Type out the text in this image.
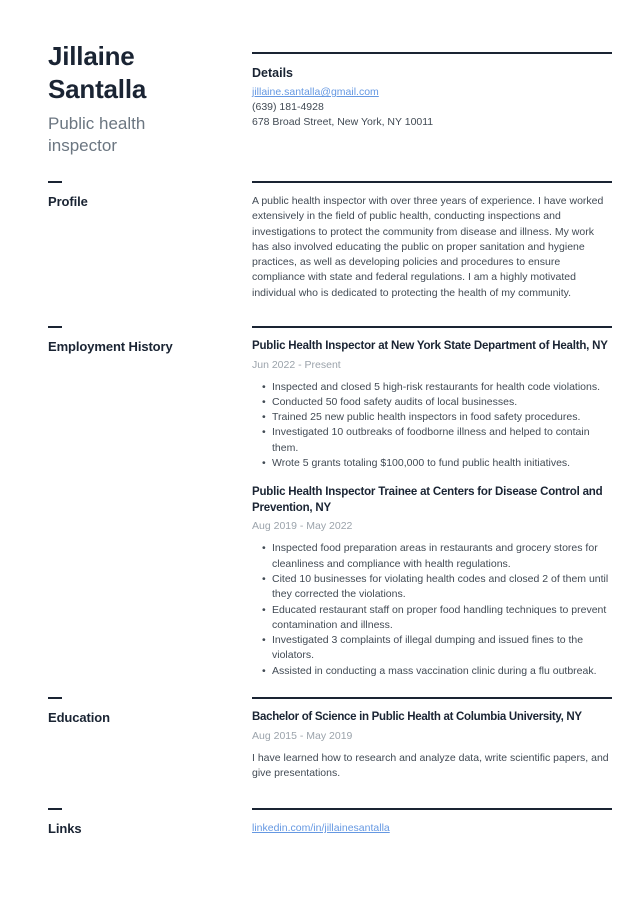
Jillaine Santalla
Public health inspector
Details
jillaine.santalla@gmail.com
(639) 181-4928
678 Broad Street, New York, NY 10011
Profile	A public health inspector with over three years of experience. I have worked extensively in the field of public health, conducting inspections and investigations to protect the community from disease and illness. My work has also involved educating the public on proper sanitation and hygiene practices, as well as developing policies and procedures to ensure compliance with state and federal regulations. I am a highly motivated individual who is dedicated to protecting the health of my community.
Employment History	Public Health Inspector at New York State Department of Health, NY
Jun 2022 - Present
•
Inspected and closed 5 high-risk restaurants for health code violations.
•
Conducted 50 food safety audits of local businesses.
•
Trained 25 new public health inspectors in food safety procedures.
•
Investigated 10 outbreaks of foodborne illness and helped to contain them.
•
Wrote 5 grants totaling $100,000 to fund public health initiatives.
Public Health Inspector Trainee at Centers for Disease Control and Prevention, NY
Aug 2019 - May 2022
•
Inspected food preparation areas in restaurants and grocery stores for cleanliness and compliance with health regulations.
•
Cited 10 businesses for violating health codes and closed 2 of them until they corrected the violations.
•
Educated restaurant staff on proper food handling techniques to prevent contamination and illness.
•
Investigated 3 complaints of illegal dumping and issued fines to the violators.
•
Assisted in conducting a mass vaccination clinic during a flu outbreak.
Education	Bachelor of Science in Public Health at Columbia University, NY
Aug 2015 - May 2019
I have learned how to research and analyze data, write scientific papers, and give presentations.
Links	linkedin.com/in/jillainesantalla
